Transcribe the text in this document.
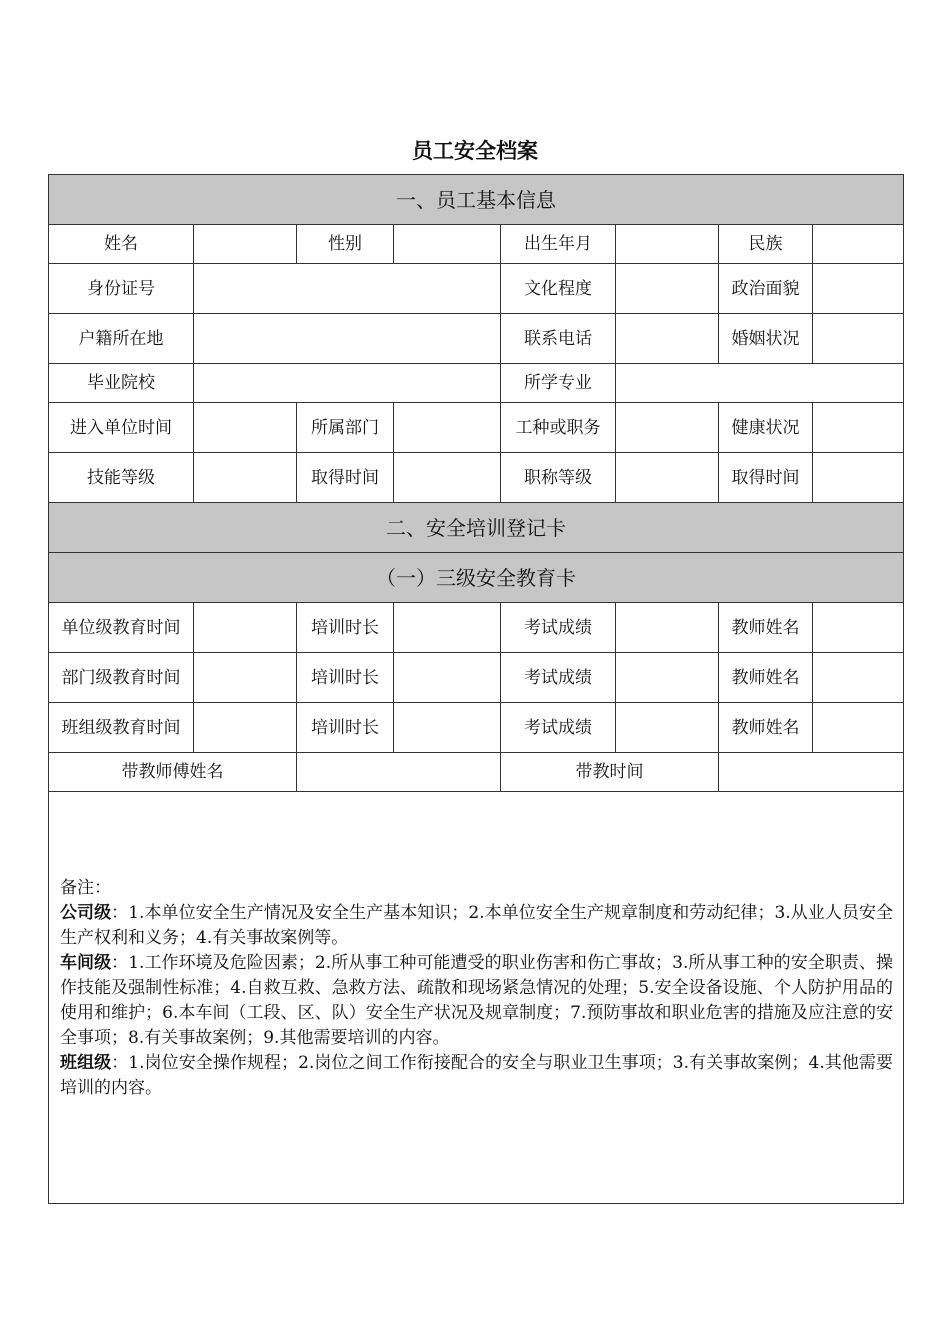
员工安全档案
一、员工基本信息							
姓名		性别		出生年月		民族	
身份证号				文化程度		政治面貌	
户籍所在地				联系电话		婚姻状况	
毕业院校				所学专业			
进入单位时间		所属部门		工种或职务		健康状况	
技能等级		取得时间		职称等级		取得时间	
二、安全培训登记卡							
（一）三级安全教育卡							
单位级教育时间		培训时长		考试成绩		教师姓名	
部门级教育时间		培训时长		考试成绩		教师姓名	
班组级教育时间		培训时长		考试成绩		教师姓名	
带教师傅姓名				带教时间			

备注：

公司级：1.本单位安全生产情况及安全生产基本知识；2.本单位安全生产规章制度和劳动纪律；3.从业人员安全生产权利和义务；4.有关事故案例等。

车间级：1.工作环境及危险因素；2.所从事工种可能遭受的职业伤害和伤亡事故；3.所从事工种的安全职责、操作技能及强制性标准；4.自救互救、急救方法、疏散和现场紧急情况的处理；5.安全设备设施、个人防护用品的使用和维护；6.本车间（工段、区、队）安全生产状况及规章制度；7.预防事故和职业危害的措施及应注意的安全事项；8.有关事故案例；9.其他需要培训的内容。

班组级：1.岗位安全操作规程；2.岗位之间工作衔接配合的安全与职业卫生事项；3.有关事故案例；4.其他需要培训的内容。							
